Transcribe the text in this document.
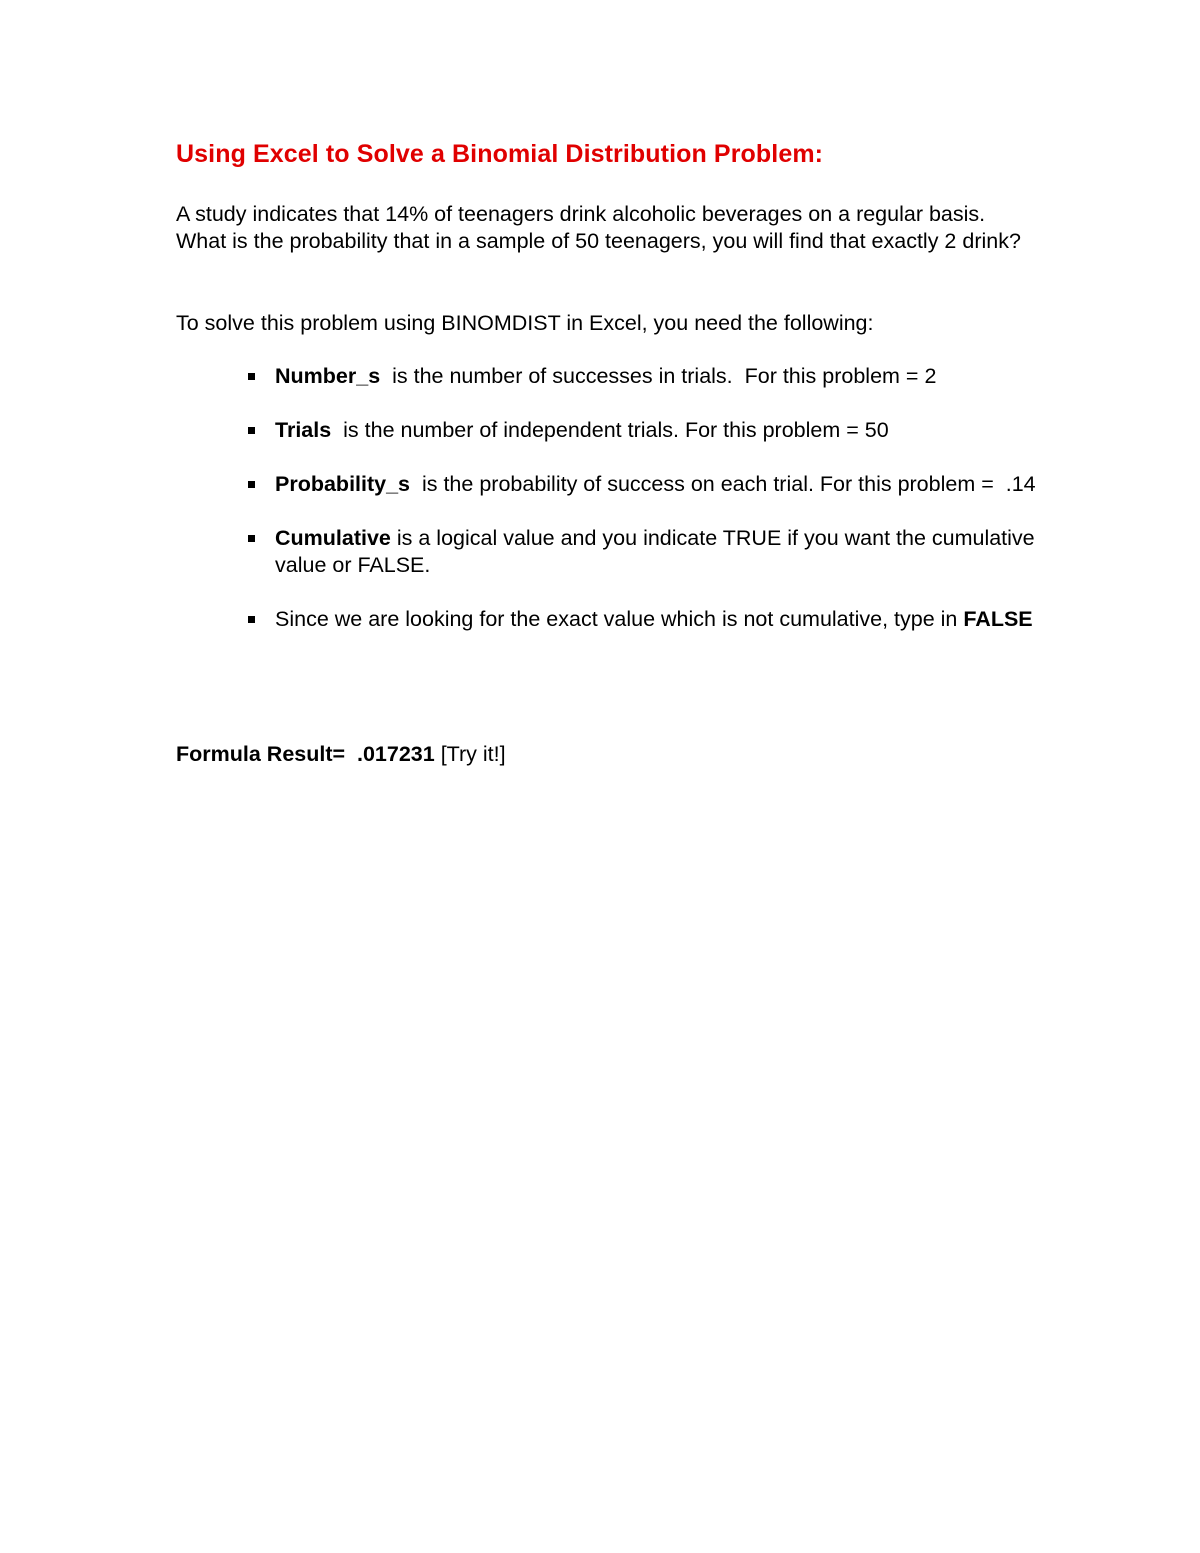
Using Excel to Solve a Binomial Distribution Problem:

A study indicates that 14% of teenagers drink alcoholic beverages on a regular basis. What is the probability that in a sample of 50 teenagers, you will find that exactly 2 drink?

To solve this problem using BINOMDIST in Excel, you need the following:

Number_s  is the number of successes in trials.  For this problem = 2
Trials  is the number of independent trials. For this problem = 50
Probability_s  is the probability of success on each trial. For this problem =  .14
Cumulative is a logical value and you indicate TRUE if you want the cumulative value or FALSE.
Since we are looking for the exact value which is not cumulative, type in FALSE
Formula Result=  .017231 [Try it!]
